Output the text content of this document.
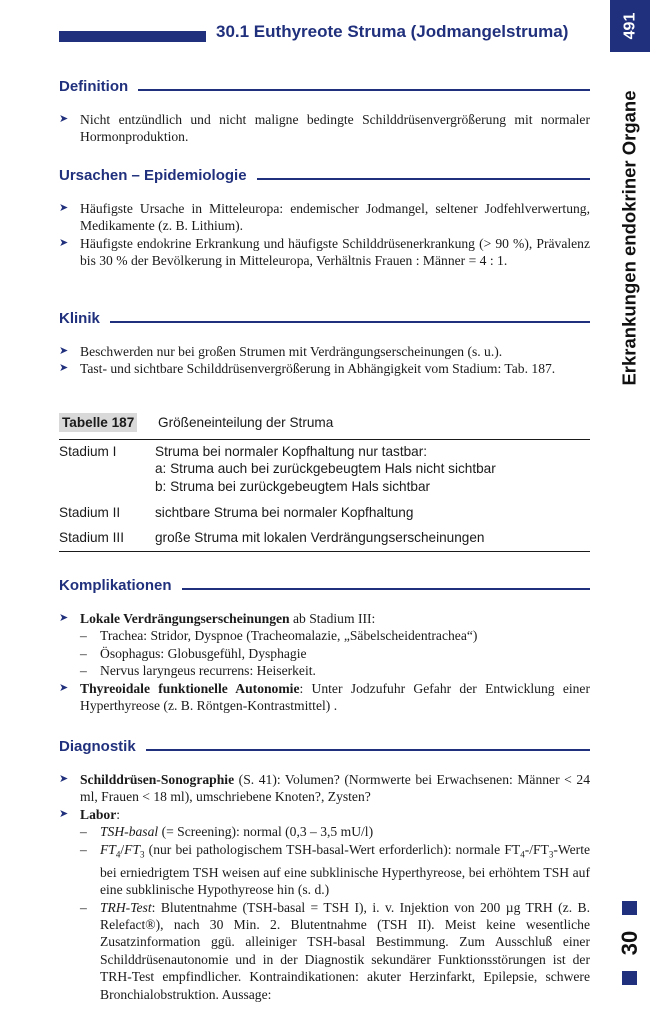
30.1 Euthyreote Struma (Jodmangelstruma)	491
Erkrankungen endokriner Organe
30
Definition
➤ Nicht entzündlich und nicht maligne bedingte Schilddrüsenvergrößerung mit normaler Hormonproduktion.
Ursachen – Epidemiologie
➤ Häufigste Ursache in Mitteleuropa: endemischer Jodmangel, seltener Jodfehlverwertung, Medikamente (z. B. Lithium).
➤ Häufigste endokrine Erkrankung und häufigste Schilddrüsenerkrankung (> 90 %), Prävalenz bis 30 % der Bevölkerung in Mitteleuropa, Verhältnis Frauen : Männer = 4 : 1.
Klinik
➤ Beschwerden nur bei großen Strumen mit Verdrängungserscheinungen (s. u.).
➤ Tast- und sichtbare Schilddrüsenvergrößerung in Abhängigkeit vom Stadium: Tab. 187.
Tabelle 187 Größeneinteilung der Struma
Stadium I	Struma bei normaler Kopfhaltung nur tastbar:
a: Struma auch bei zurückgebeugtem Hals nicht sichtbar
b: Struma bei zurückgebeugtem Hals sichtbar
Stadium II	sichtbare Struma bei normaler Kopfhaltung
Stadium III große Struma mit lokalen Verdrängungserscheinungen
Komplikationen
➤ Lokale Verdrängungserscheinungen ab Stadium III:
– Trachea: Stridor, Dyspnoe (Tracheomalazie, „Säbelscheidentrachea“)
– Ösophagus: Globusgefühl, Dysphagie
– Nervus laryngeus recurrens: Heiserkeit.
➤ Thyreoidale funktionelle Autonomie: Unter Jodzufuhr Gefahr der Entwicklung einer Hyperthyreose (z. B. Röntgen-Kontrastmittel) .
Diagnostik
➤ Schilddrüsen-Sonographie (S. 41): Volumen? (Normwerte bei Erwachsenen: Männer < 24 ml, Frauen < 18 ml), umschriebene Knoten?, Zysten?
➤ Labor:
– TSH-basal (= Screening): normal (0,3 – 3,5 mU/l)
– $FT_4/FT_3$ (nur bei pathologischem TSH-basal-Wert erforderlich): normale $FT_4-/FT_3$-Werte bei erniedrigtem TSH weisen auf eine subklinische Hyperthyreose, bei erhöhtem TSH auf eine subklinische Hypothyreose hin (s. d.)
– TRH-Test: Blutentnahme (TSH-basal = TSH I), i. v. Injektion von 200 µg TRH (z. B. Relefact®), nach 30 Min. 2. Blutentnahme (TSH II). Meist keine wesentliche Zusatzinformation ggü. alleiniger TSH-basal Bestimmung. Zum Ausschluß einer Schilddrüsenautonomie und in der Diagnostik sekundärer Funktionsstörungen ist der TRH-Test empfindlicher. Kontraindikationen: akuter Herzinfarkt, Epilepsie, schwere Bronchialobstruktion. Aussage:
